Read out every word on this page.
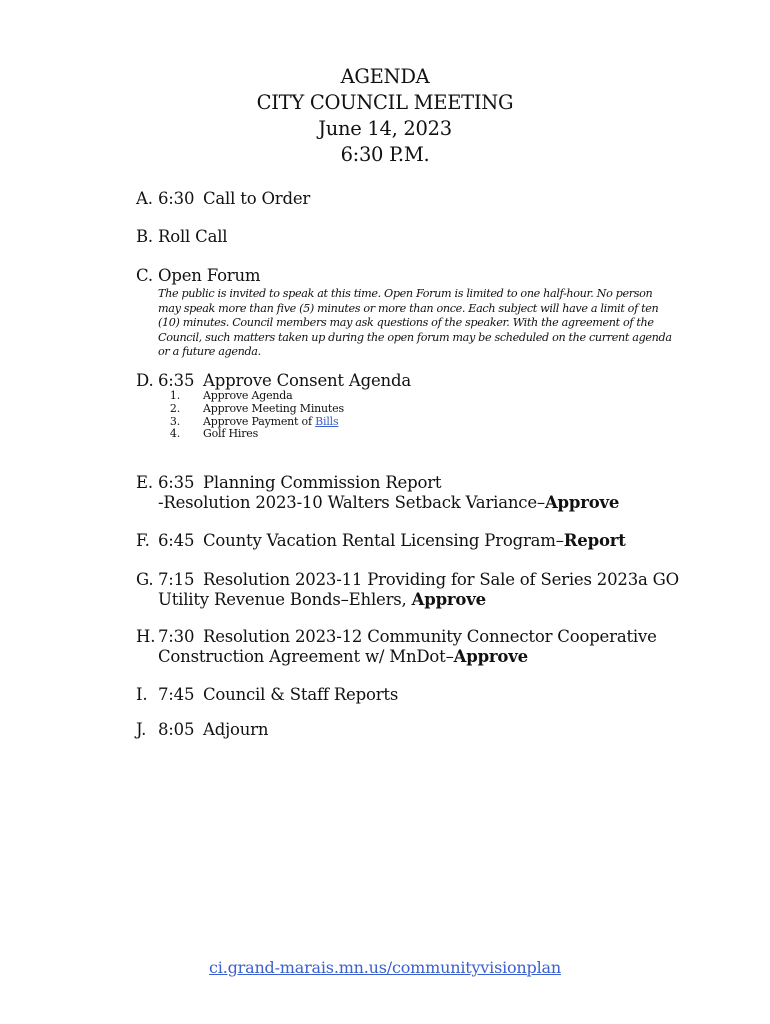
AGENDA
CITY COUNCIL MEETING
June 14, 2023
6:30 P.M.
A. 6:30 Call to Order
B. Roll Call
C. Open Forum
The public is invited to speak at this time. Open Forum is limited to one half-hour. No person
may speak more than five (5) minutes or more than once. Each subject will have a limit of ten
(10) minutes. Council members may ask questions of the speaker. With the agreement of the
Council, such matters taken up during the open forum may be scheduled on the current agenda
or a future agenda.
D. 6:35 Approve Consent Agenda
1. Approve Agenda
2. Approve Meeting Minutes
3. Approve Payment of Bills
4. Golf Hires
E. 6:35 Planning Commission Report
-Resolution 2023-10 Walters Setback Variance–Approve
F. 6:45 County Vacation Rental Licensing Program–Report
G. 7:15 Resolution 2023-11 Providing for Sale of Series 2023a GO
Utility Revenue Bonds–Ehlers, Approve
H. 7:30 Resolution 2023-12 Community Connector Cooperative
Construction Agreement w/ MnDot–Approve
I. 7:45 Council & Staff Reports
J. 8:05 Adjourn
ci.grand-marais.mn.us/communityvisionplan
